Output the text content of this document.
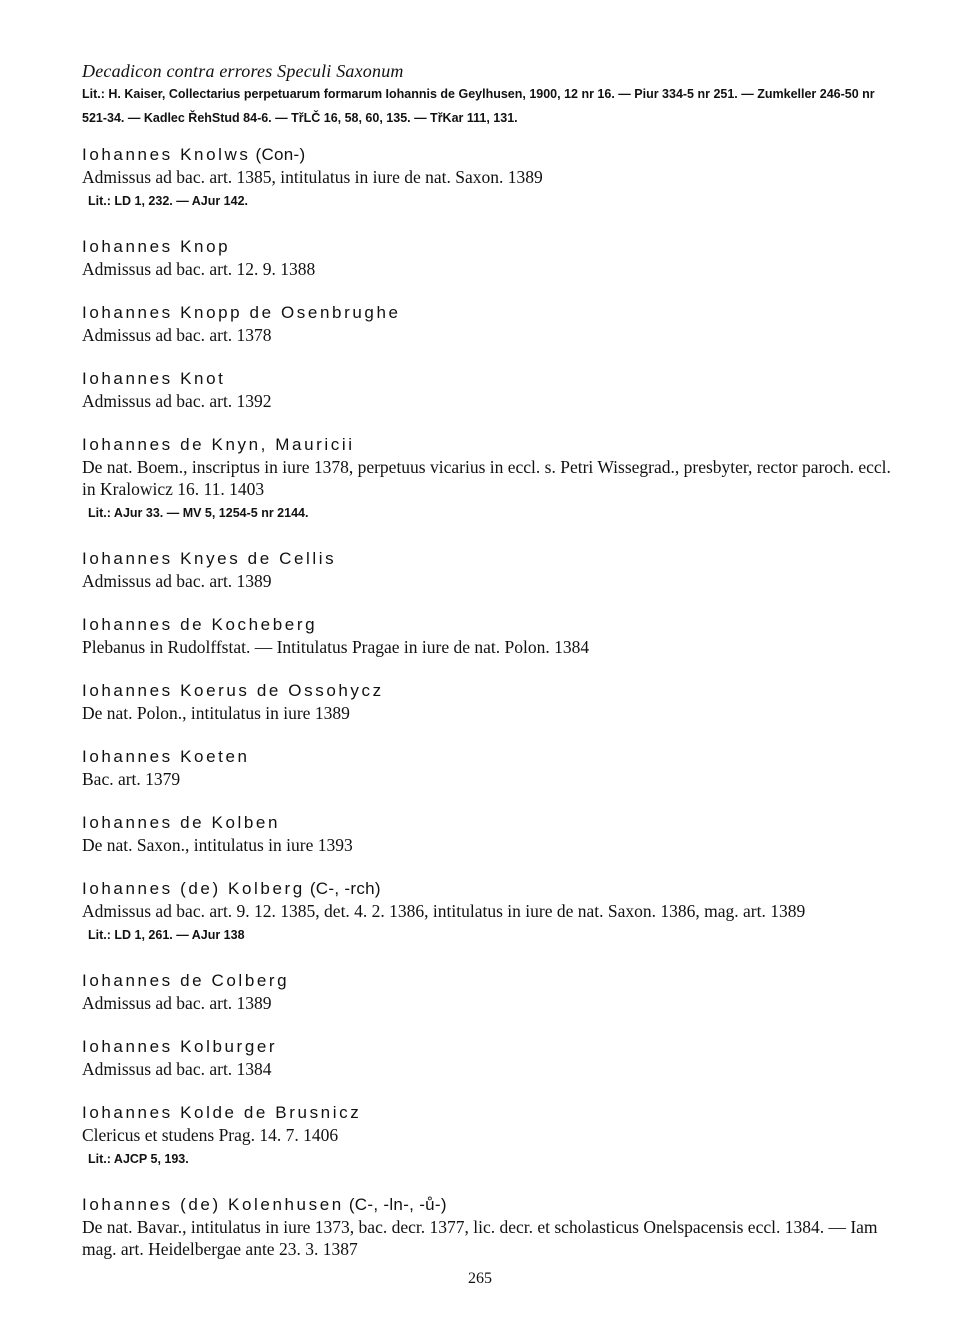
Decadicon contra errores Speculi Saxonum
Lit.: H. Kaiser, Collectarius perpetuarum formarum Iohannis de Geylhusen, 1900, 12 nr 16. — Piur 334-5 nr 251. — Zumkeller 246-50 nr 521-34. — Kadlec ŘehStud 84-6. — TřLČ 16, 58, 60, 135. — TřKar 111, 131.
Iohannes Knolws (Con-)
Admissus ad bac. art. 1385, intitulatus in iure de nat. Saxon. 1389
Lit.: LD 1, 232. — AJur 142.
Iohannes Knop
Admissus ad bac. art. 12. 9. 1388
Iohannes Knopp de Osenbrughe
Admissus ad bac. art. 1378
Iohannes Knot
Admissus ad bac. art. 1392
Iohannes de Knyn, Mauricii
De nat. Boem., inscriptus in iure 1378, perpetuus vicarius in eccl. s. Petri Wissegrad., presbyter, rector paroch. eccl. in Kralowicz 16. 11. 1403
Lit.: AJur 33. — MV 5, 1254-5 nr 2144.
Iohannes Knyes de Cellis
Admissus ad bac. art. 1389
Iohannes de Kocheberg
Plebanus in Rudolffstat. — Intitulatus Pragae in iure de nat. Polon. 1384
Iohannes Koerus de Ossohycz
De nat. Polon., intitulatus in iure 1389
Iohannes Koeten
Bac. art. 1379
Iohannes de Kolben
De nat. Saxon., intitulatus in iure 1393
Iohannes (de) Kolberg (C-, -rch)
Admissus ad bac. art. 9. 12. 1385, det. 4. 2. 1386, intitulatus in iure de nat. Saxon. 1386, mag. art. 1389
Lit.: LD 1, 261. — AJur 138
Iohannes de Colberg
Admissus ad bac. art. 1389
Iohannes Kolburger
Admissus ad bac. art. 1384
Iohannes Kolde de Brusnicz
Clericus et studens Prag. 14. 7. 1406
Lit.: AJCP 5, 193.
Iohannes (de) Kolenhusen (C-, -ln-, -ů-)
De nat. Bavar., intitulatus in iure 1373, bac. decr. 1377, lic. decr. et scholasticus Onelspacensis eccl. 1384. — Iam mag. art. Heidelbergae ante 23. 3. 1387
265
